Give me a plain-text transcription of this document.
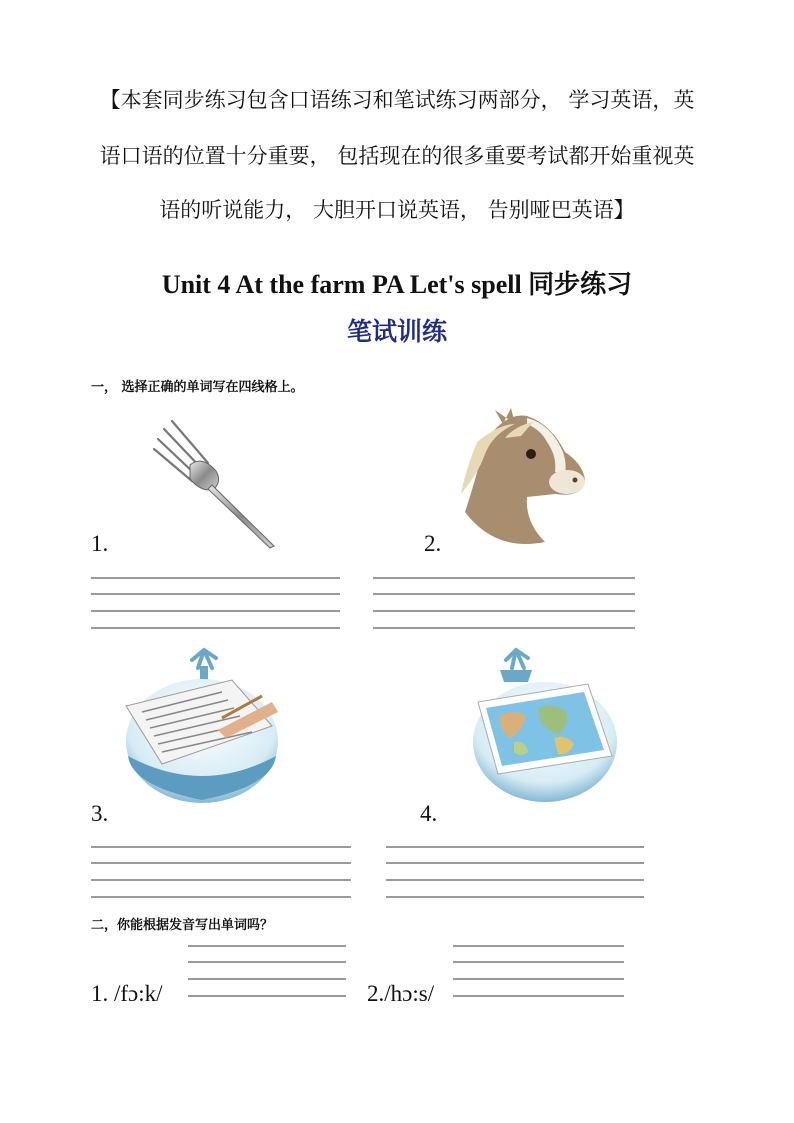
【本套同步练习包含口语练习和笔试练习两部分， 学习英语，英
语口语的位置十分重要， 包括现在的很多重要考试都开始重视英
语的听说能力， 大胆开口说英语， 告别哑巴英语】
Unit 4 At the farm PA Let's spell 同步练习
笔试训练
一， 选择正确的单词写在四线格上。
1.	2.
3.	4.
二，你能根据发音写出单词吗？
1. /fɔ:k/	2./hɔ:s/
